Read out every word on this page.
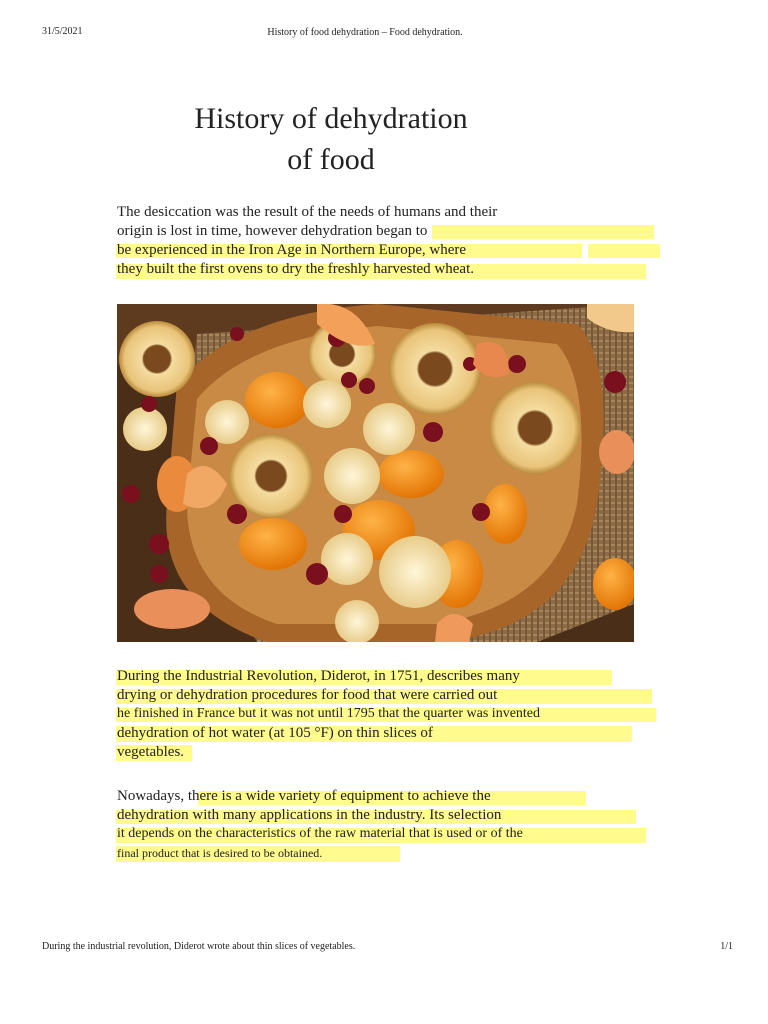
31/5/2021	History of food dehydration – Food dehydration.
History of dehydration
of food
The desiccation was the result of the needs of humans and their
origin is lost in time, however dehydration began to
be experienced in the Iron Age in Northern Europe, where
they built the first ovens to dry the freshly harvested wheat.
During the Industrial Revolution, Diderot, in 1751, describes many
drying or dehydration procedures for food that were carried out
he finished in France but it was not until 1795 that the quarter was invented
dehydration of hot water (at 105 °F) on thin slices of
vegetables.
Nowadays, there is a wide variety of equipment to achieve the
dehydration with many applications in the industry. Its selection
it depends on the characteristics of the raw material that is used or of the
final product that is desired to be obtained.
During the industrial revolution, Diderot wrote about thin slices of vegetables.	1/1
